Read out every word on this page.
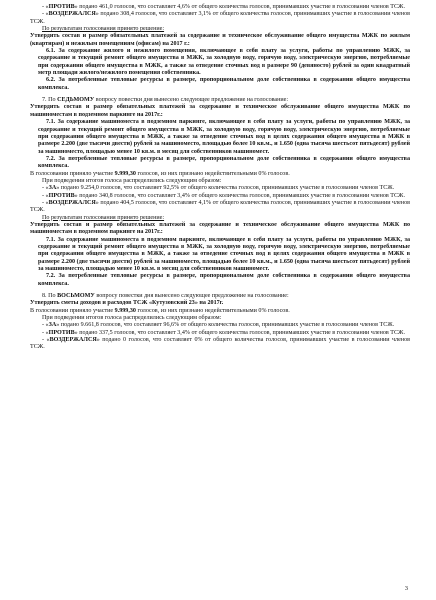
- «ПРОТИВ» подано 461,0 голосов, что составляет 4,6% от общего количества голосов, принимавших участие в голосовании членов ТСЖ.

- «ВОЗДЕРЖАЛСЯ» подано 308,4 голосов, что составляет 3,1% от общего количества голосов, принимавших участие в голосовании членов ТСЖ.

По результатам голосования принято решение:

Утвердить состав и размер обязательных платежей за содержание и техническое обслуживание общего имущества МЖК по жилым (квартирам) и нежилым помещениям (офисам) на 2017 г.:

6.1. За содержание жилого и нежилого помещения, включающее в себя плату за услуги, работы по управлению МЖК, за содержание и текущий ремонт общего имущества в МЖК, за холодную воду, горячую воду, электрическую энергию, потребляемые при содержании общего имущества в МЖК, а также за отведение сточных вод в размере 90 (девяносто) рублей за один квадратный метр площади жилого/нежилого помещения собственника.

6.2. За потребленные тепловые ресурсы в размере, пропорциональном доле собственника в содержании общего имущества комплекса.

7. По СЕДЬМОМУ вопросу повестки дня вынесено следующее предложение на голосование:

Утвердить состав и размер обязательных платежей за содержание и техническое обслуживание общего имущества МЖК по машиноместам в подземном паркинге на 2017г.:

7.1. За содержание машиноместа в подземном паркинге, включающее в себя плату за услуги, работы по управлению МЖК, за содержание и текущий ремонт общего имущества в МЖК, за холодную воду, горячую воду, электрическую энергию, потребляемые при содержании общего имущества в МЖК, а также за отведение сточных вод в целях содержания общего имущества в МЖК в размере 2.200 (две тысячи двести) рублей за машиноместо, площадью более 10 кв.м., и 1.650 (одна тысяча шестьсот пятьдесят) рублей за машиноместо, площадью менее 10 кв.м. в месяц для собственников машиномест.

7.2. За потребленные тепловые ресурсы в размере, пропорциональном доле собственника в содержании общего имущества комплекса.

В голосовании приняло участие 9.999,30 голосов, из них признано недействительными 0% голосов.

При подведении итогов голоса распределились следующим образом:

- «ЗА» подано 9.254,0 голосов, что составляет 92,5% от общего количества голосов, принимавших участие в голосовании членов ТСЖ.

- «ПРОТИВ» подано 340,8 голосов, что составляет 3,4% от общего количества голосов, принимавших участие в голосовании членов ТСЖ.

- «ВОЗДЕРЖАЛСЯ» подано 404,5 голосов, что составляет 4,1% от общего количества голосов, принимавших участие в голосовании членов ТСЖ.

По результатам голосования принято решение:

Утвердить состав и размер обязательных платежей за содержание и техническое обслуживание общего имущества МЖК по машиноместам в подземном паркинге на 2017г.:

7.1. За содержание машиноместа в подземном паркинге, включающее в себя плату за услуги, работы по управлению МЖК, за содержание и текущий ремонт общего имущества в МЖК, за холодную воду, горячую воду, электрическую энергию, потребляемые при содержании общего имущества в МЖК, а также за отведение сточных вод в целях содержания общего имущества в МЖК в размере 2.200 (две тысячи двести) рублей за машиноместо, площадью более 10 кв.м., и 1.650 (одна тысяча шестьсот пятьдесят) рублей за машиноместо, площадью менее 10 кв.м. в месяц для собственников машиномест.

7.2. За потребленные тепловые ресурсы в размере, пропорциональном доле собственника в содержании общего имущества комплекса.

8. По ВОСЬМОМУ вопросу повестки дня вынесено следующее предложение на голосование:

Утвердить сметы доходов и расходов ТСЖ «Кутузовский 23» на 2017г.

В голосовании приняло участие 9.999,30 голосов, из них признано недействительными 0% голосов.

При подведении итогов голоса распределились следующим образом:

- «ЗА» подано 9.661,8 голосов, что составляет 96,6% от общего количества голосов, принимавших участие в голосовании членов ТСЖ.

- «ПРОТИВ» подано 337,5 голосов, что составляет 3,4% от общего количества голосов, принимавших участие в голосовании членов ТСЖ.

- «ВОЗДЕРЖАЛСЯ» подано 0 голосов, что составляет 0% от общего количества голосов, принимавших участие в голосовании членов ТСЖ.

3
